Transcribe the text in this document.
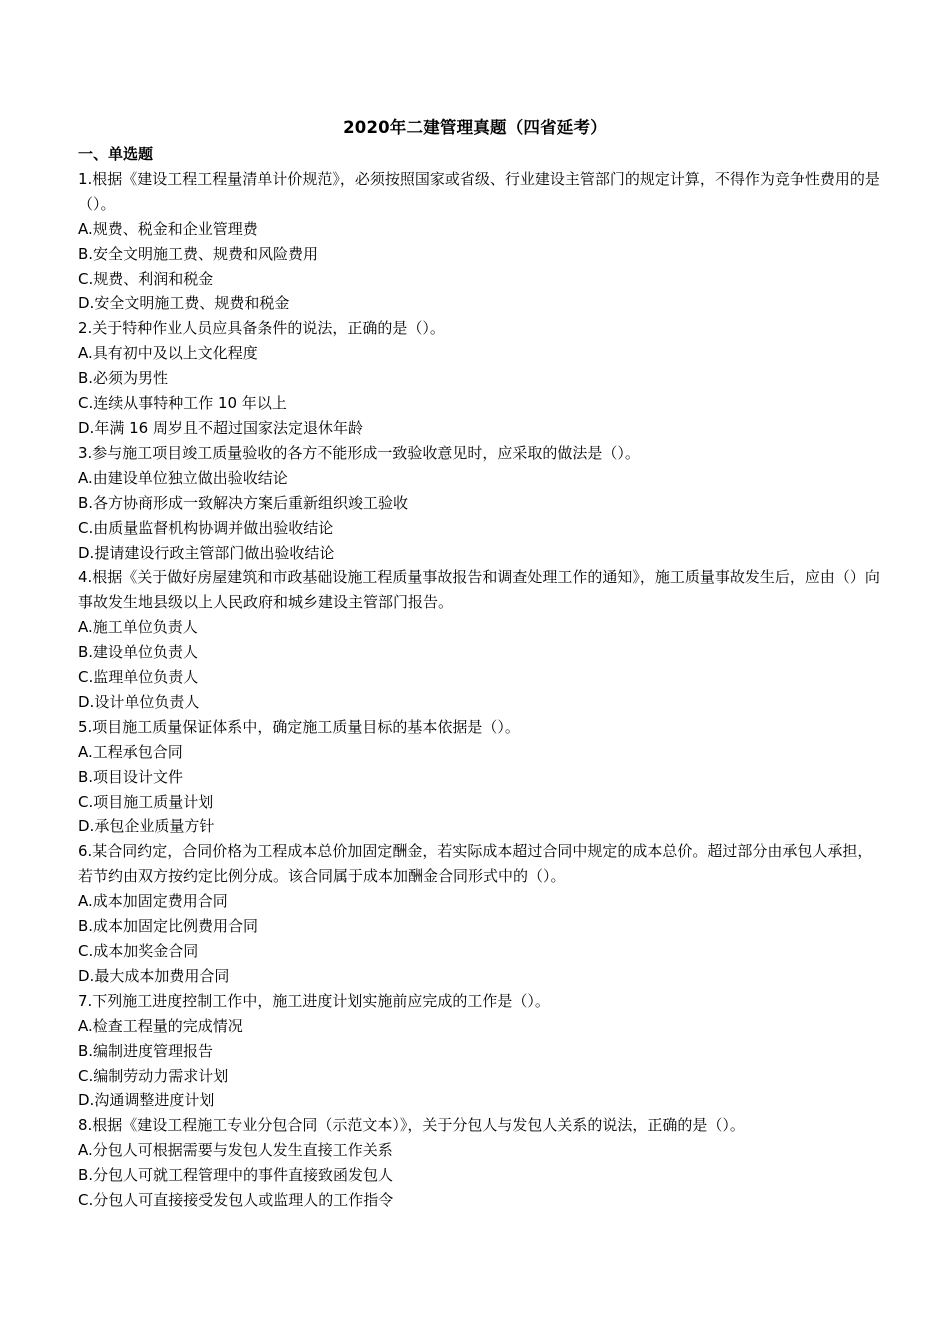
2020年二建管理真题（四省延考）
一、单选题
1.根据《建设工程工程量清单计价规范》，必须按照国家或省级、行业建设主管部门的规定计算，不得作为竞争性费用的是（）。
A.规费、税金和企业管理费
B.安全文明施工费、规费和风险费用
C.规费、利润和税金
D.安全文明施工费、规费和税金
2.关于特种作业人员应具备条件的说法，正确的是（）。
A.具有初中及以上文化程度
B.必须为男性
C.连续从事特种工作 10 年以上
D.年满 16 周岁且不超过国家法定退休年龄
3.参与施工项目竣工质量验收的各方不能形成一致验收意见时，应采取的做法是（）。
A.由建设单位独立做出验收结论
B.各方协商形成一致解决方案后重新组织竣工验收
C.由质量监督机构协调并做出验收结论
D.提请建设行政主管部门做出验收结论
4.根据《关于做好房屋建筑和市政基础设施工程质量事故报告和调查处理工作的通知》，施工质量事故发生后，应由（）向事故发生地县级以上人民政府和城乡建设主管部门报告。
A.施工单位负责人
B.建设单位负责人
C.监理单位负责人
D.设计单位负责人
5.项目施工质量保证体系中，确定施工质量目标的基本依据是（）。
A.工程承包合同
B.项目设计文件
C.项目施工质量计划
D.承包企业质量方针
6.某合同约定，合同价格为工程成本总价加固定酬金，若实际成本超过合同中规定的成本总价。超过部分由承包人承担，若节约由双方按约定比例分成。该合同属于成本加酬金合同形式中的（）。
A.成本加固定费用合同
B.成本加固定比例费用合同
C.成本加奖金合同
D.最大成本加费用合同
7.下列施工进度控制工作中，施工进度计划实施前应完成的工作是（）。
A.检查工程量的完成情况
B.编制进度管理报告
C.编制劳动力需求计划
D.沟通调整进度计划
8.根据《建设工程施工专业分包合同（示范文本）》，关于分包人与发包人关系的说法，正确的是（）。
A.分包人可根据需要与发包人发生直接工作关系
B.分包人可就工程管理中的事件直接致函发包人
C.分包人可直接接受发包人或监理人的工作指令
